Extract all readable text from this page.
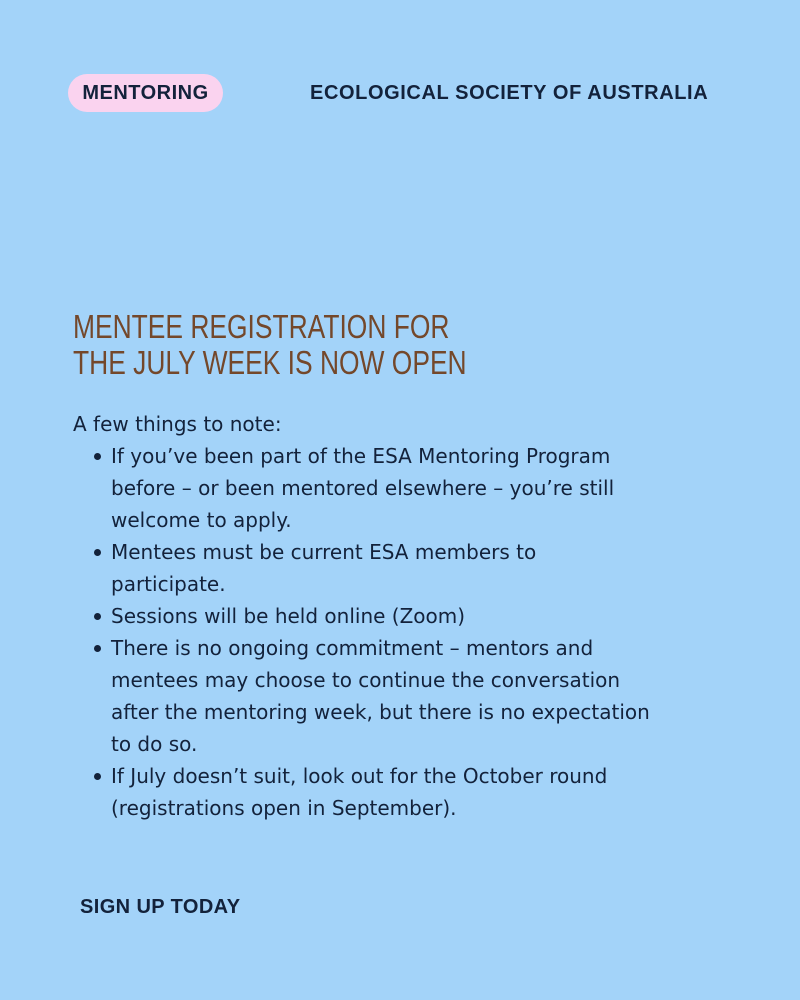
MENTORING	ECOLOGICAL SOCIETY OF AUSTRALIA
MENTEE REGISTRATION FOR
THE JULY WEEK IS NOW OPEN

A few things to note:

If you’ve been part of the ESA Mentoring Program before – or been mentored elsewhere – you’re still welcome to apply.
Mentees must be current ESA members to participate.
Sessions will be held online (Zoom)
There is no ongoing commitment – mentors and mentees may choose to continue the conversation after the mentoring week, but there is no expectation to do so.
If July doesn’t suit, look out for the October round (registrations open in September).
SIGN UP TODAY
